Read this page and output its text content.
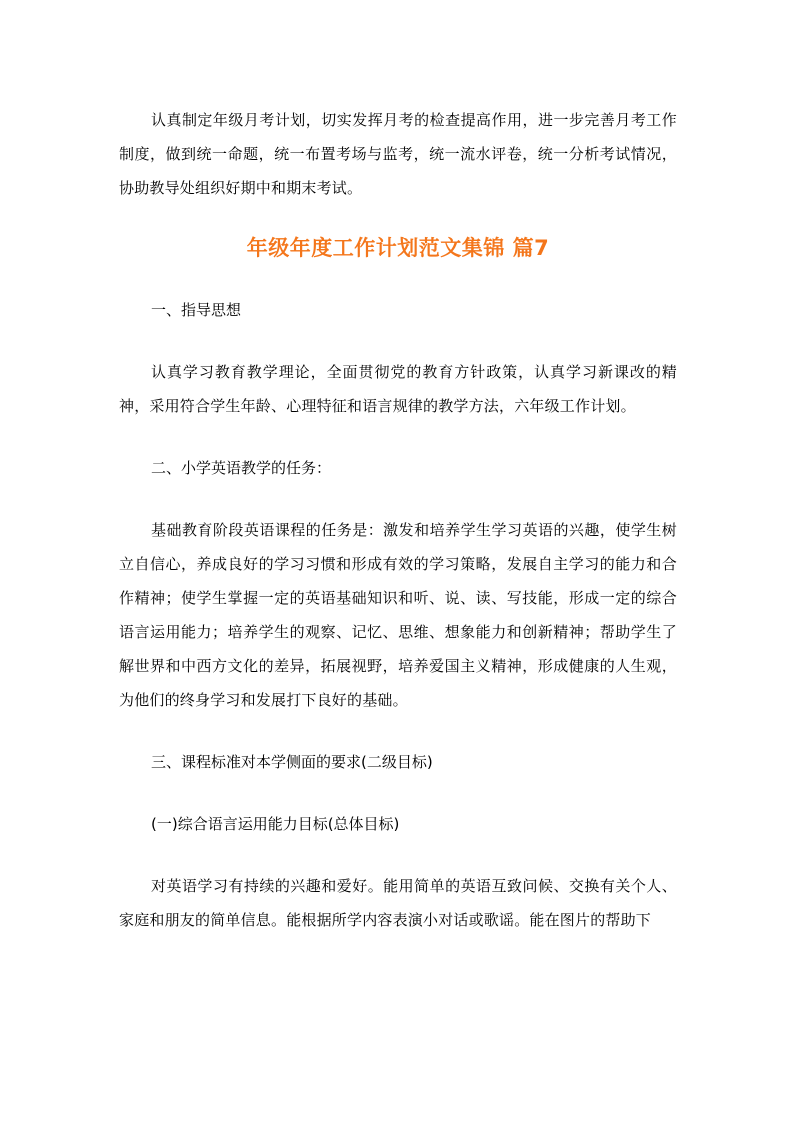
认真制定年级月考计划，切实发挥月考的检查提高作用，进一步完善月考工作制度，做到统一命题，统一布置考场与监考，统一流水评卷，统一分析考试情况，协助教导处组织好期中和期末考试。

年级年度工作计划范文集锦 篇7

一、指导思想

认真学习教育教学理论，全面贯彻党的教育方针政策，认真学习新课改的精神，采用符合学生年龄、心理特征和语言规律的教学方法，六年级工作计划。

二、小学英语教学的任务：

基础教育阶段英语课程的任务是：激发和培养学生学习英语的兴趣，使学生树立自信心，养成良好的学习习惯和形成有效的学习策略，发展自主学习的能力和合作精神；使学生掌握一定的英语基础知识和听、说、读、写技能，形成一定的综合语言运用能力；培养学生的观察、记忆、思维、想象能力和创新精神；帮助学生了解世界和中西方文化的差异，拓展视野，培养爱国主义精神，形成健康的人生观，为他们的终身学习和发展打下良好的基础。

三、课程标准对本学侧面的要求(二级目标)

(一)综合语言运用能力目标(总体目标)

对英语学习有持续的兴趣和爱好。能用简单的英语互致问候、交换有关个人、家庭和朋友的简单信息。能根据所学内容表演小对话或歌谣。能在图片的帮助下
